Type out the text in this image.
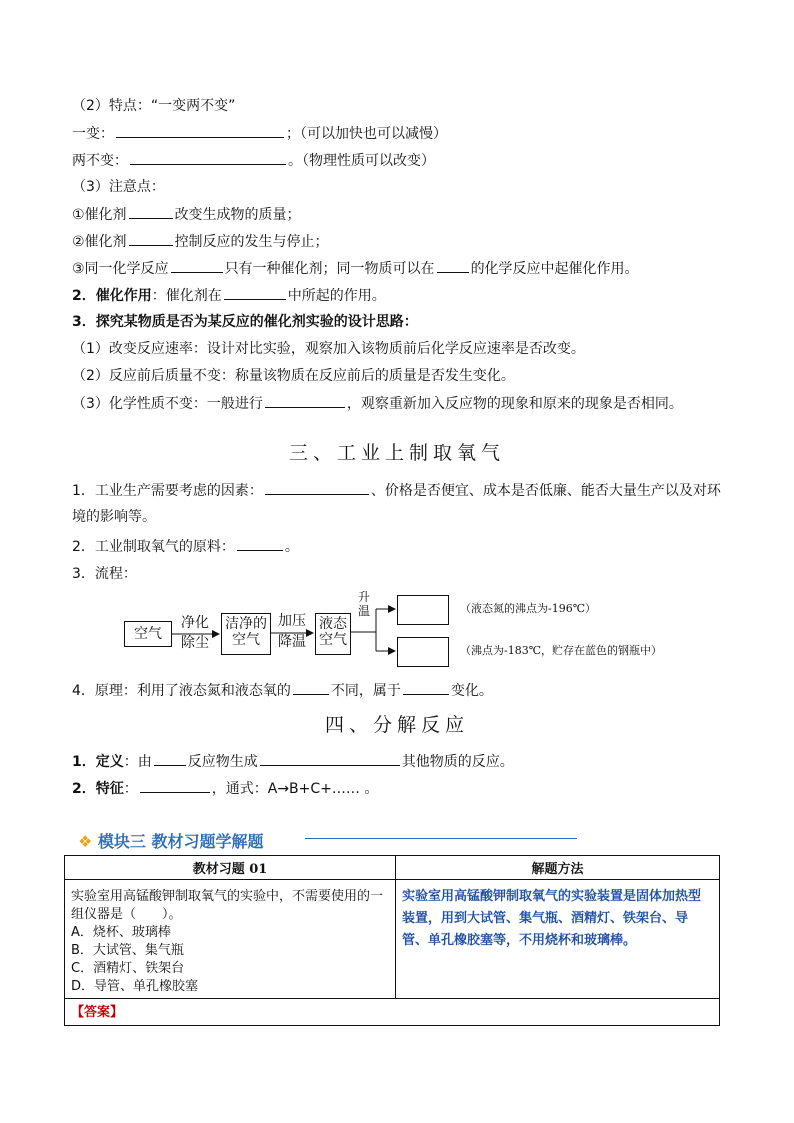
（2）特点：“一变两不变”
一变：	；（可以加快也可以减慢）
两不变：	。（物理性质可以改变）
（3）注意点：
①催化剂	改变生成物的质量；
②催化剂	控制反应的发生与停止；
③同一化学反应	只有一种催化剂；同一物质可以在	的化学反应中起催化作用。
2．催化作用：催化剂在	中所起的作用。
3．探究某物质是否为某反应的催化剂实验的设计思路：
（1）改变反应速率：设计对比实验，观察加入该物质前后化学反应速率是否改变。
（2）反应前后质量不变：称量该物质在反应前后的质量是否发生变化。
（3）化学性质不变：一般进行	，观察重新加入反应物的现象和原来的现象是否相同。
三、工业上制取氧气
1．工业生产需要考虑的因素：	、价格是否便宜、成本是否低廉、能否大量生产以及对环
境的影响等。
2．工业制取氧气的原料：	。
3．流程：
空气
净化
除尘
洁净的
空气
加压
降温
液态
空气
升
温	（液态氮的沸点为-196℃）
（沸点为-183℃，贮存在蓝色的钢瓶中）
4．原理：利用了液态氮和液态氧的	不同，属于	变化。
四、分解反应
1．定义：由	反应物生成	其他物质的反应。
2．特征：	，通式：A→B+C+…… 。
❖ 模块三 教材习题学解题
教材习题 01	解题方法

实验室用高锰酸钾制取氧气的实验中，不需要使用的一组仪器是（　　）。
A．烧杯、玻璃棒
B．大试管、集气瓶
C．酒精灯、铁架台
D．导管、单孔橡胶塞	实验室用高锰酸钾制取氧气的实验装置是固体加热型装置，用到大试管、集气瓶、酒精灯、铁架台、导管、单孔橡胶塞等，不用烧杯和玻璃棒。

【答案】	
